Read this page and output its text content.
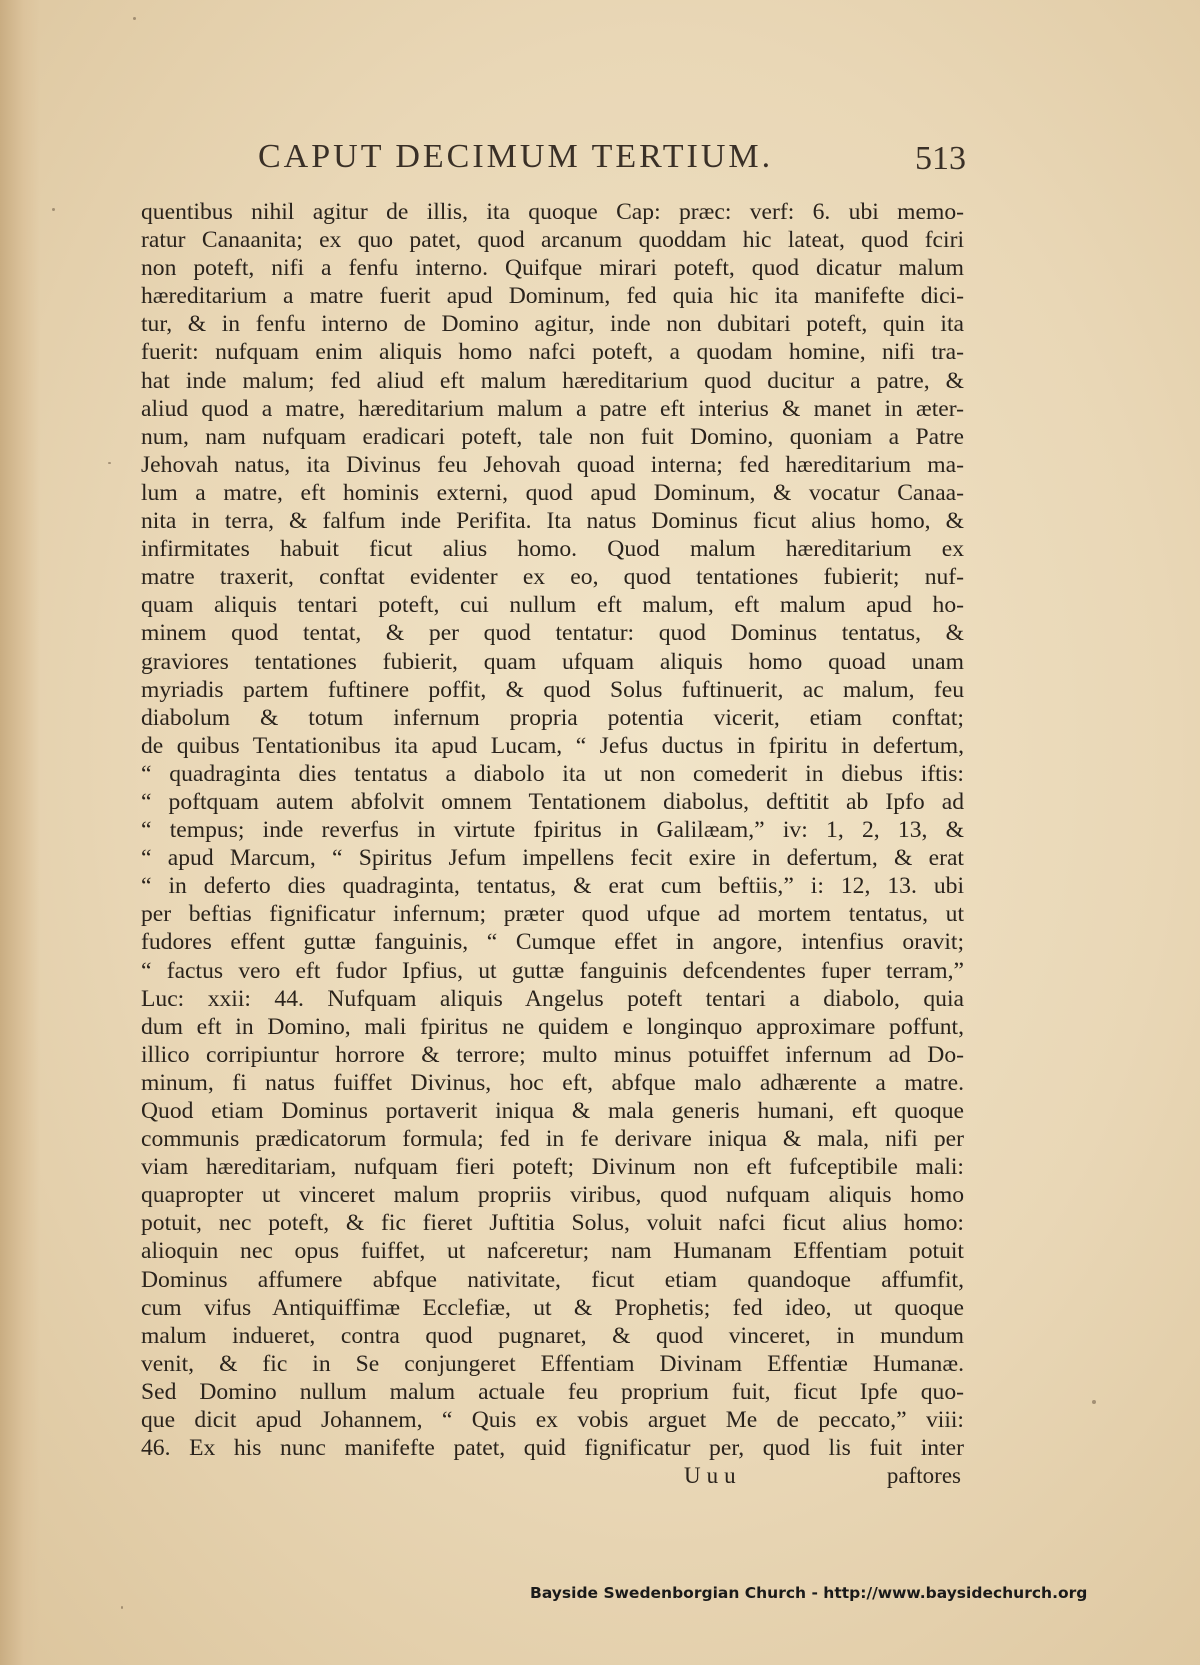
CAPUT DECIMUM TERTIUM.	513
quentibus nihil agitur de illis, ita quoque Cap: præc: verf: 6. ubi memo-
ratur Canaanita; ex quo patet, quod arcanum quoddam hic lateat, quod fciri
non poteft, nifi a fenfu interno. Quifque mirari poteft, quod dicatur malum
hæreditarium a matre fuerit apud Dominum, fed quia hic ita manifefte dici-
tur, & in fenfu interno de Domino agitur, inde non dubitari poteft, quin ita
fuerit: nufquam enim aliquis homo nafci poteft, a quodam homine, nifi tra-
hat inde malum; fed aliud eft malum hæreditarium quod ducitur a patre, &
aliud quod a matre, hæreditarium malum a patre eft interius & manet in æter-
num, nam nufquam eradicari poteft, tale non fuit Domino, quoniam a Patre
Jehovah natus, ita Divinus feu Jehovah quoad interna; fed hæreditarium ma-
lum a matre, eft hominis externi, quod apud Dominum, & vocatur Canaa-
nita in terra, & falfum inde Perifita. Ita natus Dominus ficut alius homo, &
infirmitates habuit ficut alius homo. Quod malum hæreditarium ex
matre traxerit, conftat evidenter ex eo, quod tentationes fubierit; nuf-
quam aliquis tentari poteft, cui nullum eft malum, eft malum apud ho-
minem quod tentat, & per quod tentatur: quod Dominus tentatus, &
graviores tentationes fubierit, quam ufquam aliquis homo quoad unam
myriadis partem fuftinere poffit, & quod Solus fuftinuerit, ac malum, feu
diabolum & totum infernum propria potentia vicerit, etiam conftat;
de quibus Tentationibus ita apud Lucam, “ Jefus ductus in fpiritu in defertum,
“ quadraginta dies tentatus a diabolo ita ut non comederit in diebus iftis:
“ poftquam autem abfolvit omnem Tentationem diabolus, deftitit ab Ipfo ad
“ tempus; inde reverfus in virtute fpiritus in Galilæam,” iv: 1, 2, 13, &
“ apud Marcum, “ Spiritus Jefum impellens fecit exire in defertum, & erat
“ in deferto dies quadraginta, tentatus, & erat cum beftiis,” i: 12, 13. ubi
per beftias fignificatur infernum; præter quod ufque ad mortem tentatus, ut
fudores effent guttæ fanguinis, “ Cumque effet in angore, intenfius oravit;
“ factus vero eft fudor Ipfius, ut guttæ fanguinis defcendentes fuper terram,”
Luc: xxii: 44. Nufquam aliquis Angelus poteft tentari a diabolo, quia
dum eft in Domino, mali fpiritus ne quidem e longinquo approximare poffunt,
illico corripiuntur horrore & terrore; multo minus potuiffet infernum ad Do-
minum, fi natus fuiffet Divinus, hoc eft, abfque malo adhærente a matre.
Quod etiam Dominus portaverit iniqua & mala generis humani, eft quoque
communis prædicatorum formula; fed in fe derivare iniqua & mala, nifi per
viam hæreditariam, nufquam fieri poteft; Divinum non eft fufceptibile mali:
quapropter ut vinceret malum propriis viribus, quod nufquam aliquis homo
potuit, nec poteft, & fic fieret Juftitia Solus, voluit nafci ficut alius homo:
alioquin nec opus fuiffet, ut nafceretur; nam Humanam Effentiam potuit
Dominus affumere abfque nativitate, ficut etiam quandoque affumfit,
cum vifus Antiquiffimæ Ecclefiæ, ut & Prophetis; fed ideo, ut quoque
malum indueret, contra quod pugnaret, & quod vinceret, in mundum
venit, & fic in Se conjungeret Effentiam Divinam Effentiæ Humanæ.
Sed Domino nullum malum actuale feu proprium fuit, ficut Ipfe quo-
que dicit apud Johannem, “ Quis ex vobis arguet Me de peccato,” viii:
46. Ex his nunc manifefte patet, quid fignificatur per, quod lis fuit inter
Uuu	paftores
Bayside Swedenborgian Church - http://www.baysidechurch.org
